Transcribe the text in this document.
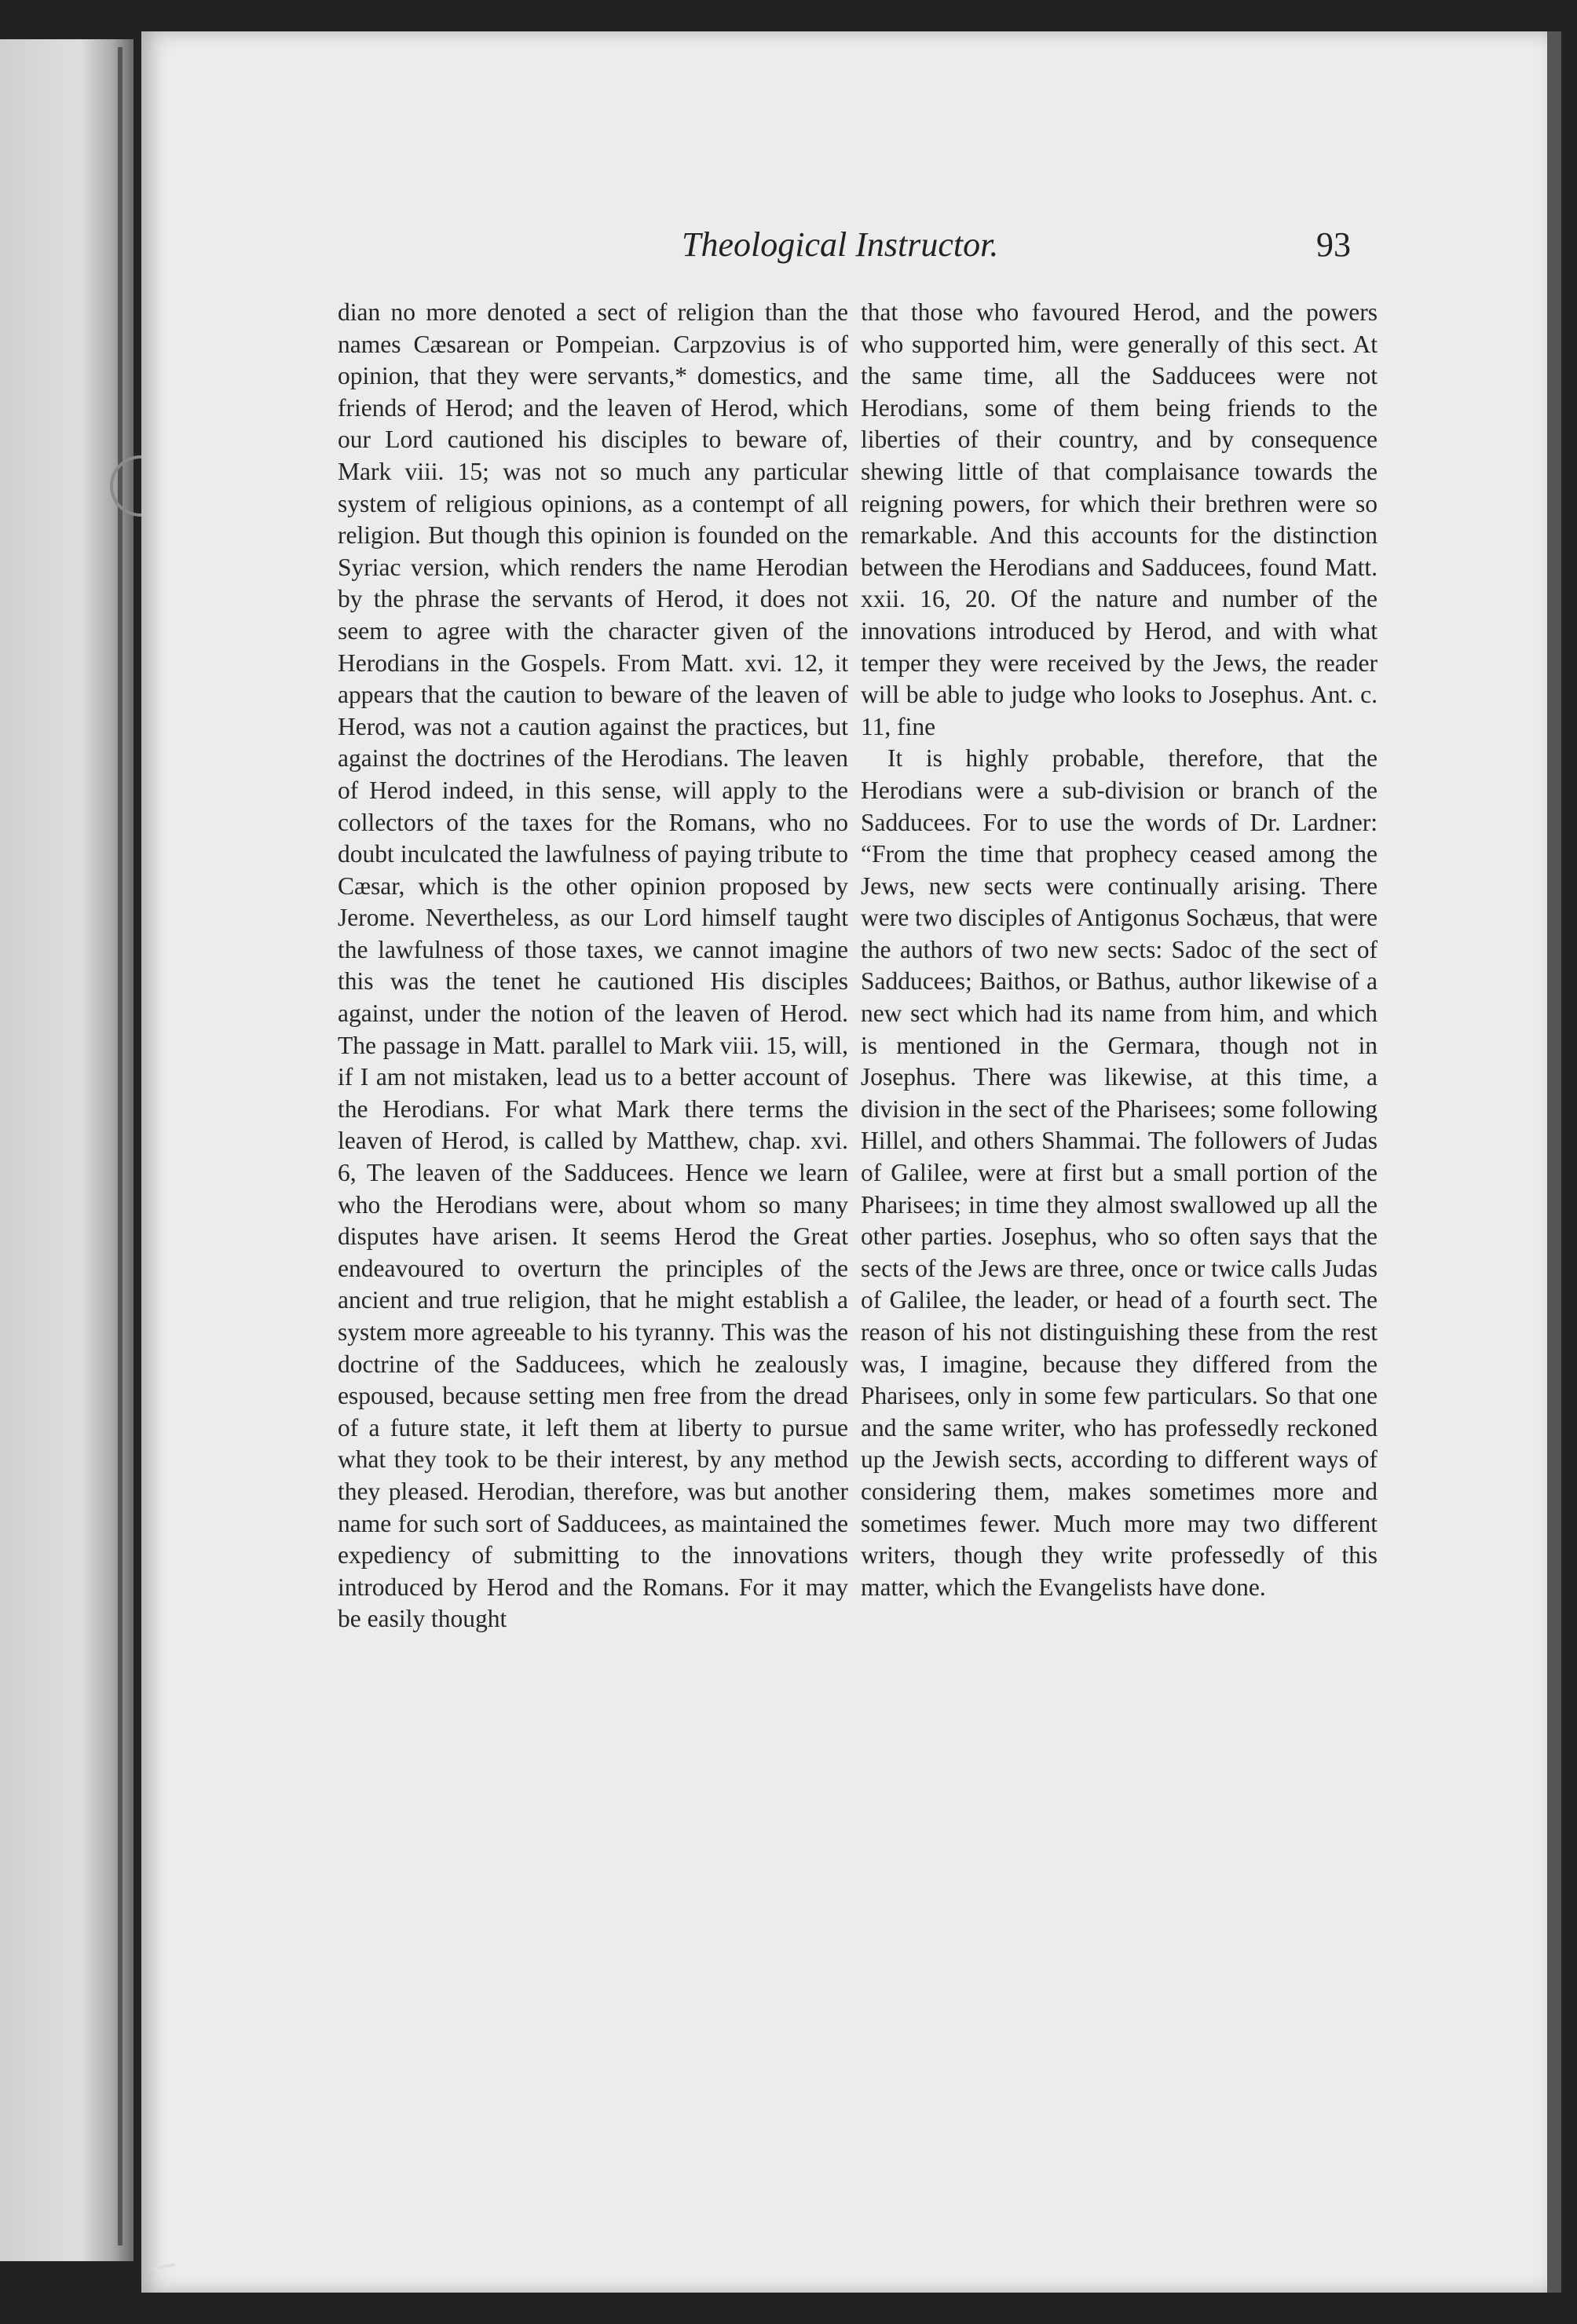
Theological Instructor.	93

dian no more denoted a sect of religion than the names Cæsarean or Pompeian. Carpzovius is of opinion, that they were servants,* domestics, and friends of Herod; and the leaven of Herod, which our Lord cautioned his disciples to beware of, Mark viii. 15; was not so much any particular system of religious opinions, as a contempt of all religion. But though this opinion is founded on the Syriac version, which renders the name Herodian by the phrase the servants of Herod, it does not seem to agree with the character given of the Herodians in the Gospels. From Matt. xvi. 12, it appears that the caution to beware of the leaven of Herod, was not a caution against the practices, but against the doctrines of the Herodians. The leaven of Herod indeed, in this sense, will apply to the collectors of the taxes for the Romans, who no doubt inculcated the lawfulness of paying tribute to Cæsar, which is the other opinion proposed by Jerome. Nevertheless, as our Lord himself taught the lawfulness of those taxes, we cannot imagine this was the tenet he cautioned His disciples against, under the notion of the leaven of Herod. The passage in Matt. parallel to Mark viii. 15, will, if I am not mistaken, lead us to a better account of the Herodians. For what Mark there terms the leaven of Herod, is called by Matthew, chap. xvi. 6, The leaven of the Sadducees. Hence we learn who the Herodians were, about whom so many disputes have arisen. It seems Herod the Great endeavoured to overturn the principles of the ancient and true religion, that he might establish a system more agreeable to his tyranny. This was the doctrine of the Sadducees, which he zealously espoused, because setting men free from the dread of a future state, it left them at liberty to pursue what they took to be their interest, by any method they pleased. Herodian, therefore, was but another name for such sort of Sadducees, as maintained the expediency of submitting to the innovations introduced by Herod and the Romans. For it may be easily thought

that those who favoured Herod, and the powers who supported him, were generally of this sect. At the same time, all the Sadducees were not Herodians, some of them being friends to the liberties of their country, and by consequence shewing little of that complaisance towards the reigning powers, for which their brethren were so remarkable. And this accounts for the distinction between the Herodians and Sadducees, found Matt. xxii. 16, 20. Of the nature and number of the innovations introduced by Herod, and with what temper they were received by the Jews, the reader will be able to judge who looks to Josephus. Ant. c. 11, fine

It is highly probable, therefore, that the Herodians were a sub-division or branch of the Sadducees. For to use the words of Dr. Lardner: “From the time that prophecy ceased among the Jews, new sects were continually arising. There were two disciples of Antigonus Sochæus, that were the authors of two new sects: Sadoc of the sect of Sadducees; Baithos, or Bathus, author likewise of a new sect which had its name from him, and which is mentioned in the Germara, though not in Josephus. There was likewise, at this time, a division in the sect of the Pharisees; some following Hillel, and others Shammai. The followers of Judas of Galilee, were at first but a small portion of the Pharisees; in time they almost swallowed up all the other parties. Josephus, who so often says that the sects of the Jews are three, once or twice calls Judas of Galilee, the leader, or head of a fourth sect. The reason of his not distinguishing these from the rest was, I imagine, because they differed from the Pharisees, only in some few particulars. So that one and the same writer, who has professedly reckoned up the Jewish sects, according to different ways of considering them, makes sometimes more and sometimes fewer. Much more may two different writers, though they write professedly of this matter, which the Evangelists have done.
